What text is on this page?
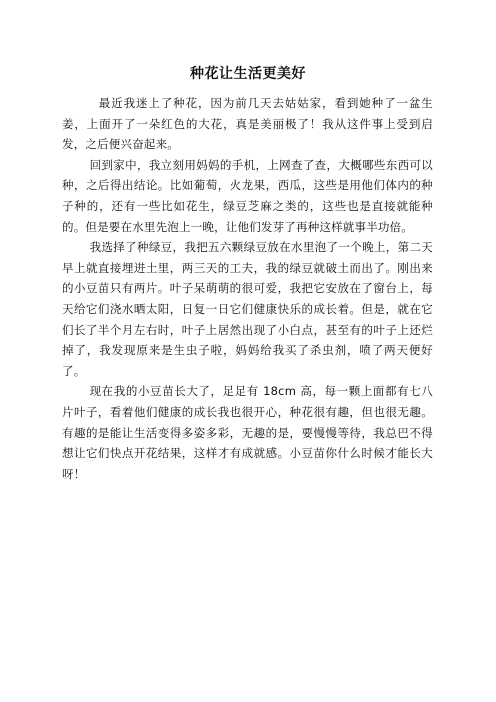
种花让生活更美好

最近我迷上了种花，因为前几天去姑姑家，看到她种了一盆生姜，上面开了一朵红色的大花，真是美丽极了！我从这件事上受到启发，之后便兴奋起来。

回到家中，我立刻用妈妈的手机，上网查了查，大概哪些东西可以种，之后得出结论。比如葡萄，火龙果，西瓜，这些是用他们体内的种子种的，还有一些比如花生，绿豆芝麻之类的，这些也是直接就能种的。但是要在水里先泡上一晚，让他们发芽了再种这样就事半功倍。

我选择了种绿豆，我把五六颗绿豆放在水里泡了一个晚上，第二天早上就直接埋进土里，两三天的工夫，我的绿豆就破土而出了。刚出来的小豆苗只有两片。叶子呆萌萌的很可爱，我把它安放在了窗台上，每天给它们浇水晒太阳，日复一日它们健康快乐的成长着。但是，就在它们长了半个月左右时，叶子上居然出现了小白点，甚至有的叶子上还烂掉了，我发现原来是生虫子啦，妈妈给我买了杀虫剂，喷了两天便好了。

现在我的小豆苗长大了，足足有 18cm 高，每一颗上面都有七八片叶子，看着他们健康的成长我也很开心，种花很有趣，但也很无趣。有趣的是能让生活变得多姿多彩，无趣的是，要慢慢等待，我总巴不得想让它们快点开花结果，这样才有成就感。小豆苗你什么时候才能长大呀！
